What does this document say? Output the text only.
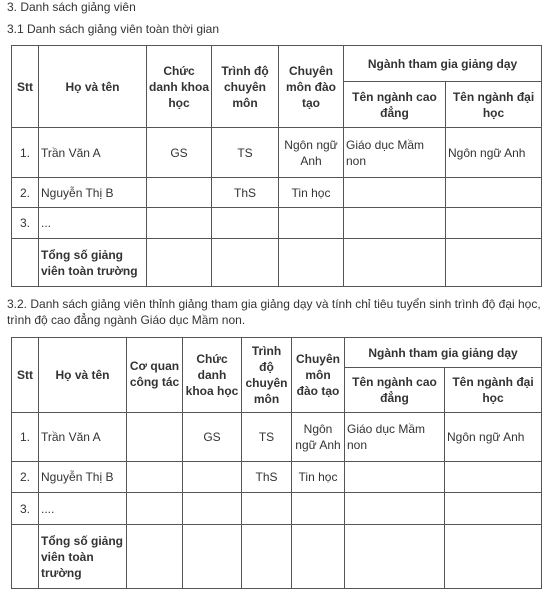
3. Danh sách giảng viên
3.1 Danh sách giảng viên toàn thời gian
Stt	Họ và tên	Chức danh khoa học	Trình độ chuyên môn	Chuyên môn đào tạo	Ngành tham gia giảng dạy	
					Tên ngành cao đẳng	Tên ngành đại học
1.	Trần Văn A	GS	TS	Ngôn ngữ Anh	Giáo dục Mầm non	Ngôn ngữ Anh
2.	Nguyễn Thị B		ThS	Tin học		
3.	...					
	Tổng số giảng viên toàn trường					
3.2. Danh sách giảng viên thỉnh giảng tham gia giảng dạy và tính chỉ tiêu tuyển sinh trình độ đại học, trình độ cao đẳng ngành Giáo dục Mầm non.
Stt	Họ và tên	Cơ quan công tác	Chức danh khoa học	Trình độ chuyên môn	Chuyên môn đào tạo	Ngành tham gia giảng dạy	
						Tên ngành cao đẳng	Tên ngành đại học
1.	Trần Văn A		GS	TS	Ngôn ngữ Anh	Giáo dục Mầm non	Ngôn ngữ Anh
2.	Nguyễn Thị B			ThS	Tin học		
3.	....						
	Tổng số giảng viên toàn trường						
